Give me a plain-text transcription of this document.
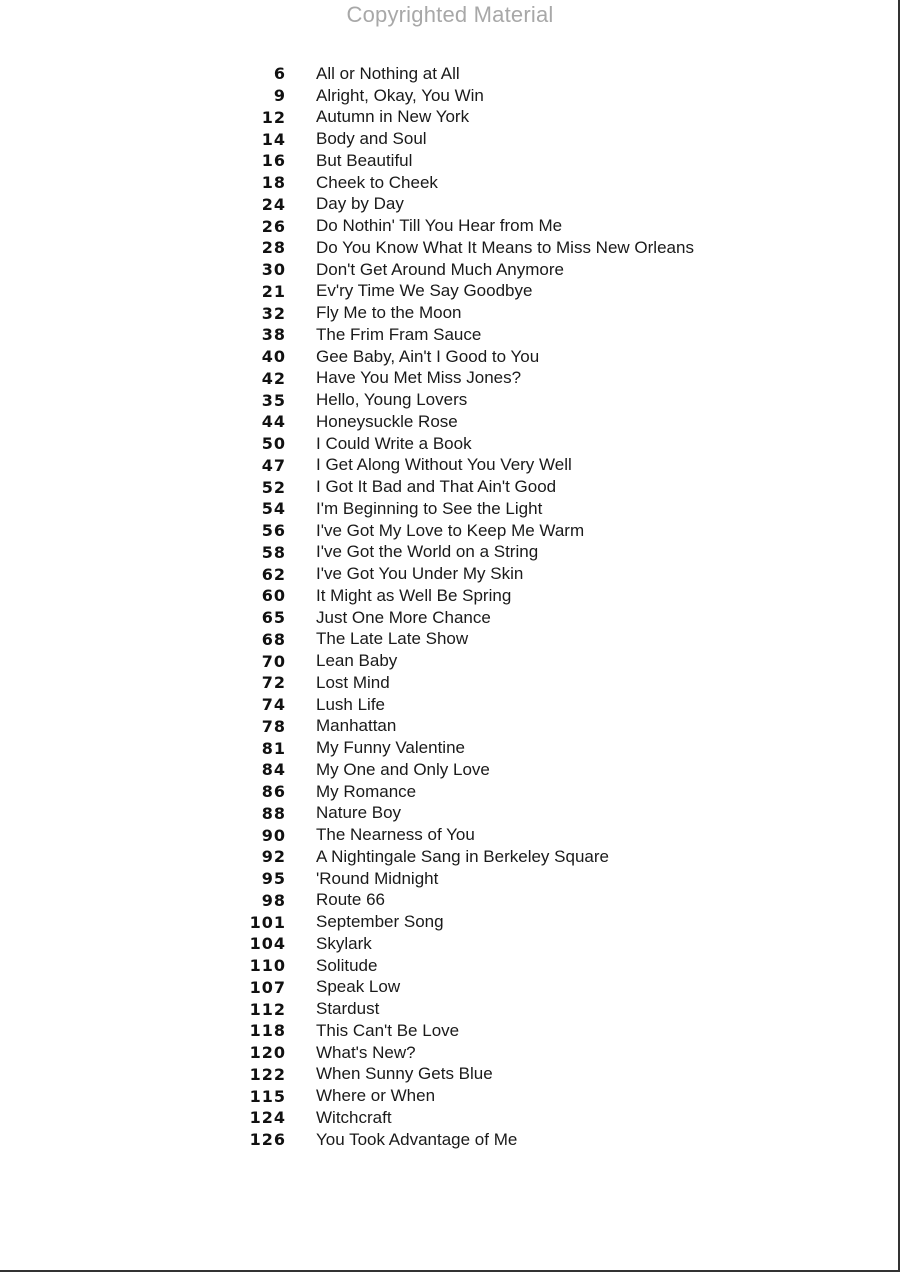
Copyrighted Material
6 All or Nothing at All
9 Alright, Okay, You Win
12 Autumn in New York
14 Body and Soul
16 But Beautiful
18 Cheek to Cheek
24 Day by Day
26 Do Nothin' Till You Hear from Me
28 Do You Know What It Means to Miss New Orleans
30 Don't Get Around Much Anymore
21 Ev'ry Time We Say Goodbye
32 Fly Me to the Moon
38 The Frim Fram Sauce
40 Gee Baby, Ain't I Good to You
42 Have You Met Miss Jones?
35 Hello, Young Lovers
44 Honeysuckle Rose
50 I Could Write a Book
47 I Get Along Without You Very Well
52 I Got It Bad and That Ain't Good
54 I'm Beginning to See the Light
56 I've Got My Love to Keep Me Warm
58 I've Got the World on a String
62 I've Got You Under My Skin
60 It Might as Well Be Spring
65 Just One More Chance
68 The Late Late Show
70 Lean Baby
72 Lost Mind
74 Lush Life
78 Manhattan
81 My Funny Valentine
84 My One and Only Love
86 My Romance
88 Nature Boy
90 The Nearness of You
92 A Nightingale Sang in Berkeley Square
95 'Round Midnight
98 Route 66
101 September Song
104 Skylark
110 Solitude
107 Speak Low
112 Stardust
118 This Can't Be Love
120 What's New?
122 When Sunny Gets Blue
115 Where or When
124 Witchcraft
126 You Took Advantage of Me
